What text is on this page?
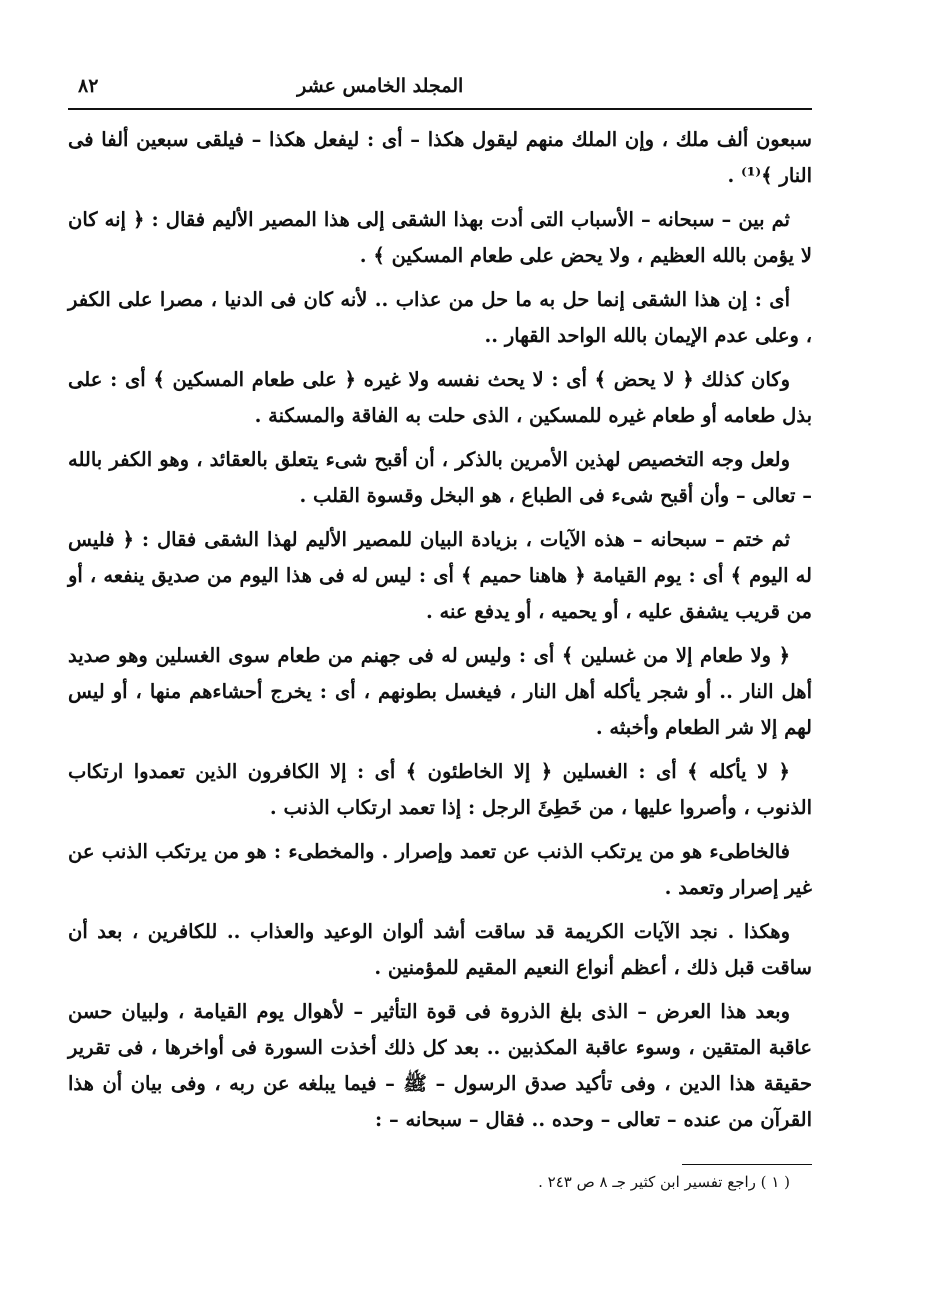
المجلد الخامس عشر
٨٢

سبعون ألف ملك ، وإن الملك منهم ليقول هكذا – أى : ليفعل هكذا – فيلقى سبعين ألفا فى النار ﴾⁽¹⁾ .

ثم بين – سبحانه – الأسباب التى أدت بهذا الشقى إلى هذا المصير الأليم فقال : ﴿ إنه كان لا يؤمن بالله العظيم ، ولا يحض على طعام المسكين ﴾ .

أى : إن هذا الشقى إنما حل به ما حل من عذاب .. لأنه كان فى الدنيا ، مصرا على الكفر ، وعلى عدم الإيمان بالله الواحد القهار ..

وكان كذلك ﴿ لا يحض ﴾ أى : لا يحث نفسه ولا غيره ﴿ على طعام المسكين ﴾ أى : على بذل طعامه أو طعام غيره للمسكين ، الذى حلت به الفاقة والمسكنة .

ولعل وجه التخصيص لهذين الأمرين بالذكر ، أن أقبح شىء يتعلق بالعقائد ، وهو الكفر بالله – تعالى – وأن أقبح شىء فى الطباع ، هو البخل وقسوة القلب .

ثم ختم – سبحانه – هذه الآيات ، بزيادة البيان للمصير الأليم لهذا الشقى فقال : ﴿ فليس له اليوم ﴾ أى : يوم القيامة ﴿ هاهنا حميم ﴾ أى : ليس له فى هذا اليوم من صديق ينفعه ، أو من قريب يشفق عليه ، أو يحميه ، أو يدفع عنه .

﴿ ولا طعام إلا من غسلين ﴾ أى : وليس له فى جهنم من طعام سوى الغسلين وهو صديد أهل النار .. أو شجر يأكله أهل النار ، فيغسل بطونهم ، أى : يخرج أحشاءهم منها ، أو ليس لهم إلا شر الطعام وأخبثه .

﴿ لا يأكله ﴾ أى : الغسلين ﴿ إلا الخاطئون ﴾ أى : إلا الكافرون الذين تعمدوا ارتكاب الذنوب ، وأصروا عليها ، من خَطِئَ الرجل : إذا تعمد ارتكاب الذنب .

فالخاطىء هو من يرتكب الذنب عن تعمد وإصرار . والمخطىء : هو من يرتكب الذنب عن غير إصرار وتعمد .

وهكذا . نجد الآيات الكريمة قد ساقت أشد ألوان الوعيد والعذاب .. للكافرين ، بعد أن ساقت قبل ذلك ، أعظم أنواع النعيم المقيم للمؤمنين .

وبعد هذا العرض – الذى بلغ الذروة فى قوة التأثير – لأهوال يوم القيامة ، ولبيان حسن عاقبة المتقين ، وسوء عاقبة المكذبين .. بعد كل ذلك أخذت السورة فى أواخرها ، فى تقرير حقيقة هذا الدين ، وفى تأكيد صدق الرسول – ﷺ – فيما يبلغه عن ربه ، وفى بيان أن هذا القرآن من عنده – تعالى – وحده .. فقال – سبحانه – :

( ١ ) راجع تفسير ابن كثير جـ ٨ ص ٢٤٣ .
